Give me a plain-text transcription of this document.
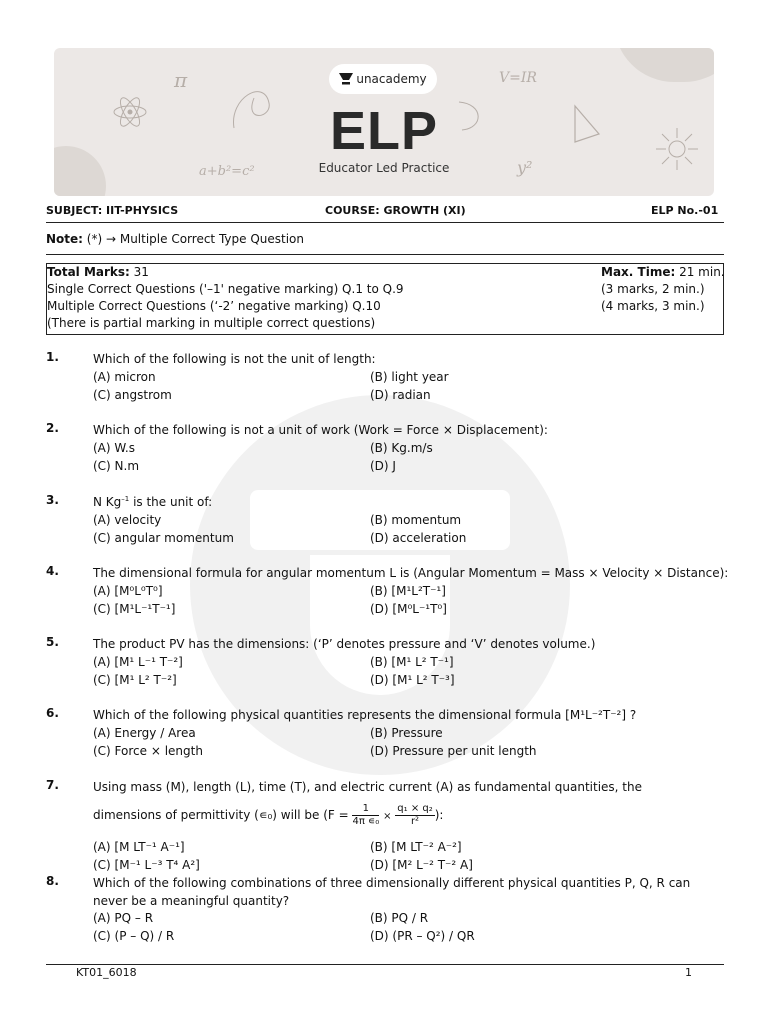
π	V=IR
a+b²=c²	y²
unacademy
ELP
Educator Led Practice
SUBJECT: IIT-PHYSICS	COURSE: GROWTH (XI)	ELP No.-01
Note: (*) → Multiple Correct Type Question
Total Marks: 31	Max. Time: 21 min.
Single Correct Questions ('–1' negative marking) Q.1 to Q.9	(3 marks, 2 min.)
Multiple Correct Questions (‘-2’ negative marking) Q.10	(4 marks, 3 min.)
(There is partial marking in multiple correct questions)
1.	Which of the following is not the unit of length:
(A) micron	(B) light year
(C) angstrom	(D) radian
2.	Which of the following is not a unit of work (Work = Force × Displacement):
(A) W.s	(B) Kg.m/s
(C) N.m	(D) J
3.	N $Kg^{-1}$ is the unit of:
(A) velocity	(B) momentum
(C) angular momentum	(D) acceleration
4.	The dimensional formula for angular momentum L is (Angular Momentum = Mass × Velocity × Distance):
(A) [M⁰L⁰T⁰]	(B) [M¹L²T⁻¹]
(C) [M¹L⁻¹T⁻¹]	(D) [M⁰L⁻¹T⁰]
5.	The product PV has the dimensions: (‘P’ denotes pressure and ‘V’ denotes volume.)
(A) [M¹ L⁻¹ T⁻²]	(B) [M¹ L² T⁻¹]
(C) [M¹ L² T⁻²]	(D) [M¹ L² T⁻³]
6.	Which of the following physical quantities represents the dimensional formula [M¹L⁻²T⁻²] ?
(A) Energy / Area	(B) Pressure
(C) Force × length	(D) Pressure per unit length
7.	Using mass (M), length (L), time (T), and electric current (A) as fundamental quantities, the
dimensions of permittivity (∊₀) will be ($F = \frac{1}{\text{4π ∊₀}} \times \frac{\text{q₁ × q₂}}{\text{r²}}$ ):
(A) [M LT⁻¹ A⁻¹]	(B) [M LT⁻² A⁻²]
(C) [M⁻¹ L⁻³ T⁴ A²]	(D) [M² L⁻² T⁻² A]
8.	Which of the following combinations of three dimensionally different physical quantities P, Q, R can
never be a meaningful quantity?
(A) PQ – R	(B) PQ / R
(C) (P – Q) / R	(D) (PR – Q²) / QR
KT01_6018	1
